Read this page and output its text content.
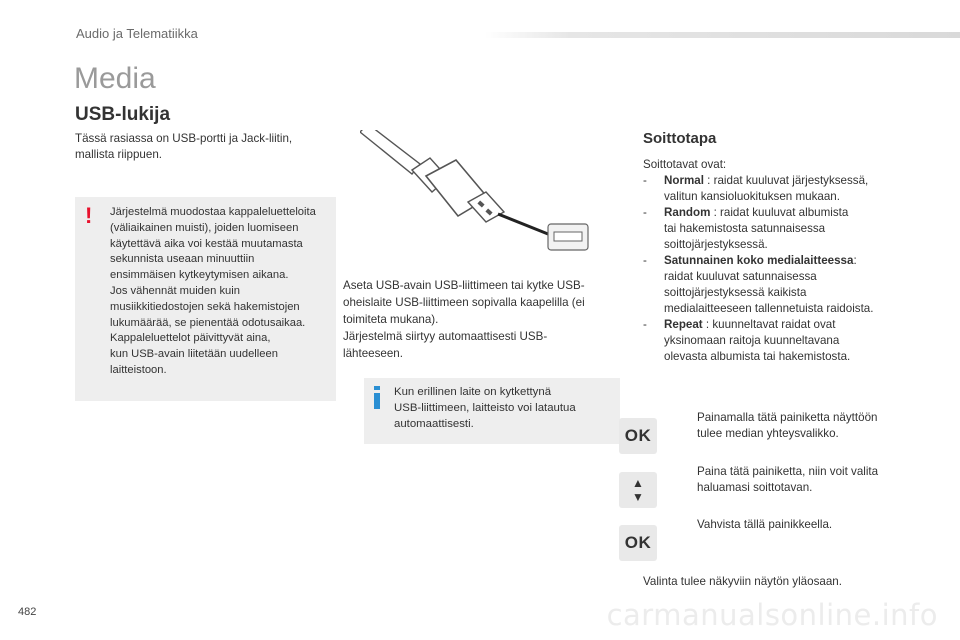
Audio ja Telematiikka
Media
USB-lukija
Tässä rasiassa on USB-portti ja Jack-liitin,
mallista riippuen.
! Järjestelmä muodostaa kappaleluetteloita
(väliaikainen muisti), joiden luomiseen
käytettävä aika voi kestää muutamasta
sekunnista useaan minuuttiin
ensimmäisen kytkeytymisen aikana.
Jos vähennät muiden kuin
musiikkitiedostojen sekä hakemistojen
lukumäärää, se pienentää odotusaikaa.
Kappaleluettelot päivittyvät aina,
kun USB-avain liitetään uudelleen
laitteistoon.
Aseta USB-avain USB-liittimeen tai kytke USB-
oheislaite USB-liittimeen sopivalla kaapelilla (ei
toimiteta mukana).
Järjestelmä siirtyy automaattisesti USB-
lähteeseen.
Kun erillinen laite on kytkettynä
USB-liittimeen, laitteisto voi latautua
automaattisesti.
Soittotapa
Soittotavat ovat:
- Normal : raidat kuuluvat järjestyksessä,
valitun kansioluokituksen mukaan.
- Random : raidat kuuluvat albumista
tai hakemistosta satunnaisessa
soittojärjestyksessä.
- Satunnainen koko medialaitteessa:
raidat kuuluvat satunnaisessa
soittojärjestyksessä kaikista
medialaitteeseen tallennetuista raidoista.
- Repeat : kuunneltavat raidat ovat
yksinomaan raitoja kuunneltavana
olevasta albumista tai hakemistosta.
OK
Painamalla tätä painiketta näyttöön
tulee median yhteysvalikko.
▲
▼
Paina tätä painiketta, niin voit valita
haluamasi soittotavan.
OK
Vahvista tällä painikkeella.
Valinta tulee näkyviin näytön yläosaan.
482	carmanualsonline.info
